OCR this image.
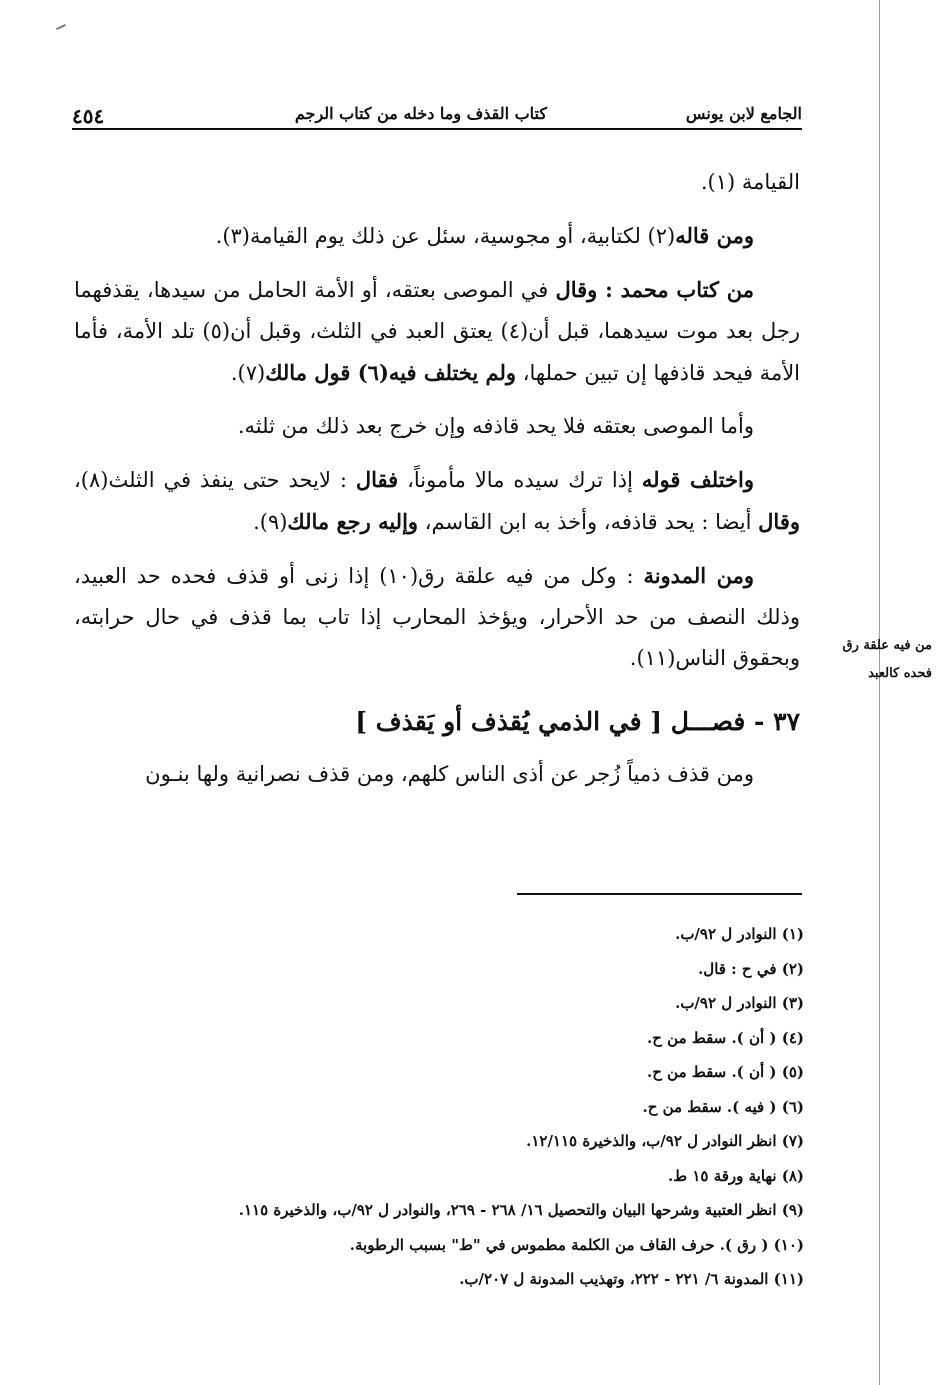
الجامع لابن يونس
كتاب القذف وما دخله من كتاب الرجم
٤٥٤

القيامة (١).

ومن قاله(٢) لكتابية، أو مجوسية، سئل عن ذلك يوم القيامة(٣).

من كتاب محمد : وقال في الموصى بعتقه، أو الأمة الحامل من سيدها، يقذفهما رجل بعد موت سيدهما، قبل أن(٤) يعتق العبد في الثلث، وقبل أن(٥) تلد الأمة، فأما الأمة فيحد قاذفها إن تبين حملها، ولم يختلف فيه(٦) قول مالك(٧).

وأما الموصى بعتقه فلا يحد قاذفه وإن خرج بعد ذلك من ثلثه.

واختلف قوله إذا ترك سيده مالا مأموناً، فقال : لايحد حتى ينفذ في الثلث(٨)، وقال أيضا : يحد قاذفه، وأخذ به ابن القاسم، وإليه رجع مالك(٩).

ومن المدونة : وكل من فيه علقة رق(١٠) إذا زنى أو قذف فحده حد العبيد، وذلك النصف من حد الأحرار، ويؤخذ المحارب إذا تاب بما قذف في حال حرابته، وبحقوق الناس(١١).

٣٧ - فصـــل [ في الذمي يُقذف أو يَقذف ]

ومن قذف ذمياً زُجر عن أذى الناس كلهم، ومن قذف نصرانية ولها بنـون

من فيه علقة رق
فحده كالعبد
(١) النوادر ل ٩٢/ب.
(٢) في ح : قال.
(٣) النوادر ل ٩٢/ب.
(٤) ( أن ). سقط من ح.
(٥) ( أن ). سقط من ح.
(٦) ( فيه ). سقط من ح.
(٧) انظر النوادر ل ٩٢/ب، والذخيرة ١٢/١١٥.
(٨) نهاية ورقة ١٥ ط.
(٩) انظر العتبية وشرحها البيان والتحصيل ١٦/ ٢٦٨ - ٢٦٩، والنوادر ل ٩٢/ب، والذخيرة ١١٥.
(١٠) ( رق ). حرف القاف من الكلمة مطموس في "ط" بسبب الرطوبة.
(١١) المدونة ٦/ ٢٢١ - ٢٢٢، وتهذيب المدونة ل ٢٠٧/ب.
